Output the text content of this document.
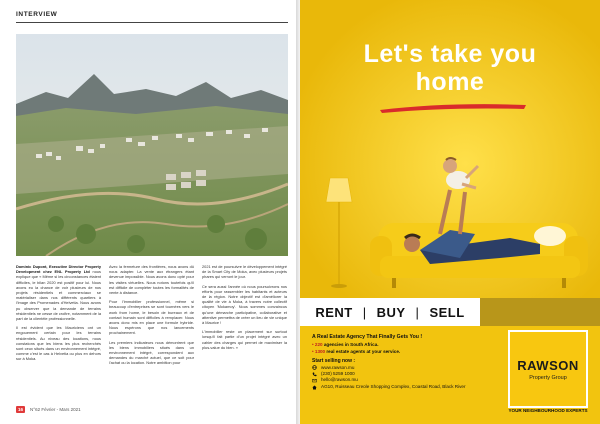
INTERVIEW

Dominic Dupont, Executive Director Property Development chez ENL Property Ltd nous explique que « Même si les circonstances étaient difficiles, le bilan 2020 est positif pour lui. Nous avons eu la chance de voir plusieurs de nos projets résidentiels et commerciaux se matérialiser dans nos différents quartiers à l'image des Promenades d'Helvetia. Nous avons pu observer que la demande de terrains résidentiels ne cesse de croître, notamment de la part de la clientèle professionnelle.

Il est évident que les Mauriciens ont un engouement certain pour les terrains résidentiels. Au niveau des locations, nous constatons que les biens les plus recherchés sont ceux situés dans un environnement intégré, comme c'est le cas à Helvetia ou plus en dehors sur à Moka.

Avec la fermeture des frontières, nous avons dû nous adapter. La vente aux étrangers étant devenue impossible. Nous avons donc opté pour les visites virtuelles. Nous notons toutefois qu'il est difficile de compléter toutes les formalités de vente à distance.

Pour l'immobilier professionnel, même si beaucoup d'entreprises se sont tournées vers le work from home, le besoin de bureaux et de contact humain sont difficiles à remplacer. Nous avons donc mis en place une formule hybride. Nous espérons que nos lancements prochainement.

Les premiers indicateurs nous démontrent que les biens immobiliers situés dans un environnement intégré, correspondent aux demandes du marché actuel, que ce soit pour l'achat ou la location. Notre ambition pour

2021 est de poursuivre le développement intégré de la Smart City de Moka, avec plusieurs projets phares qui verront le jour.

Ce sera aussi l'année où nous poursuivrons nos efforts pour rassembler les habitants et acteurs de la région. Notre objectif est d'améliorer la qualité de vie à Moka, à travers notre collectif citoyen 'Mokamoy'. Nous sommes convaincus qu'une démarche participative, collaborative et attentive permettra de créer un lieu de vie unique à Maurice !

L'immobilier reste un placement sur surtout lorsqu'il fait partie d'un projet intégré avec un cahier des charges qui permet de maximiser la plus-value du bien. »

16	N°62 Février - Mars 2021
Let's take you
home
RENT | BUY | SELL
A Real Estate Agency That Finally Gets You !
• 220 agencies in South Africa.
• 1300 real estate agents at your service.
Start selling now :
www.rawson.mu
(230) 5259 1000
hello@rawson.mu
AG10, Ruisseau Creole Shopping Complex, Coastal Road, Black River
RAWSON
Property Group
YOUR NEIGHBOURHOOD EXPERTS
